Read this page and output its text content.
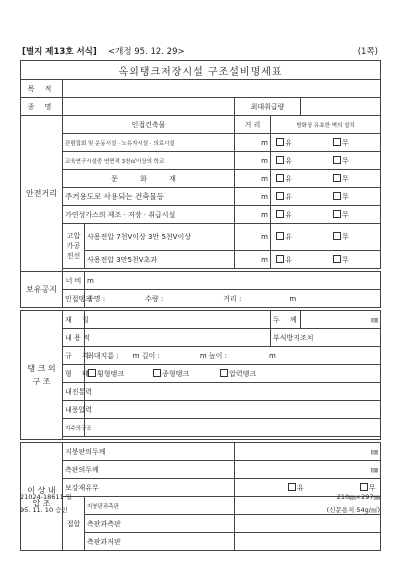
[별지 제13호 서식] <개정 95. 12. 29>	(1쪽)
옥외탱크저장시설 구조설비명세표					
목 적					
종 명			최대취급량		
안전거리	인접건축물		거 리	방화상 유효한 벽의 설치	
	관람집회 및 운동시설 · 노유자시설 · 의료시설		m	유 무	
	교육연구시설중 연면적 3천㎡이상의 학교		m	유 무	
	문 화 재		m	유 무	
	주거용도로 사용되는 건축물등		m	유 무	
	가연성가스의 제조 · 저장 · 취급시설		m	유 무	
	고압가공전선	사용전압 7천V이상 3만 5천V이상	m	유 무	
		사용전압 3만5천V초과	m	유 무	

보유공지	너 비	m			
	인접탱크	종명 : 수량 : 거리 : m			

탱 크 의 구 조	재 질			두 께	㎜
	내 용 적			부식방지조치	
	규 격	최대지름 : m 길이 : m 높이 : m			
	형 태	횡형탱크 종형탱크 압력탱크			
	내진통력				
	내풍압력				
	지주의구조				

이 상 내 압 조	지붕판의두께		㎜		
	측판의두께		㎜		
	보강재유무		유 무		
	접합	지붕판과측판			
		측판과측판			
		측판과저판			
21024-18611 일	210㎜×297㎜
95. 11. 10 승인	(신문용지 54g/㎡)
